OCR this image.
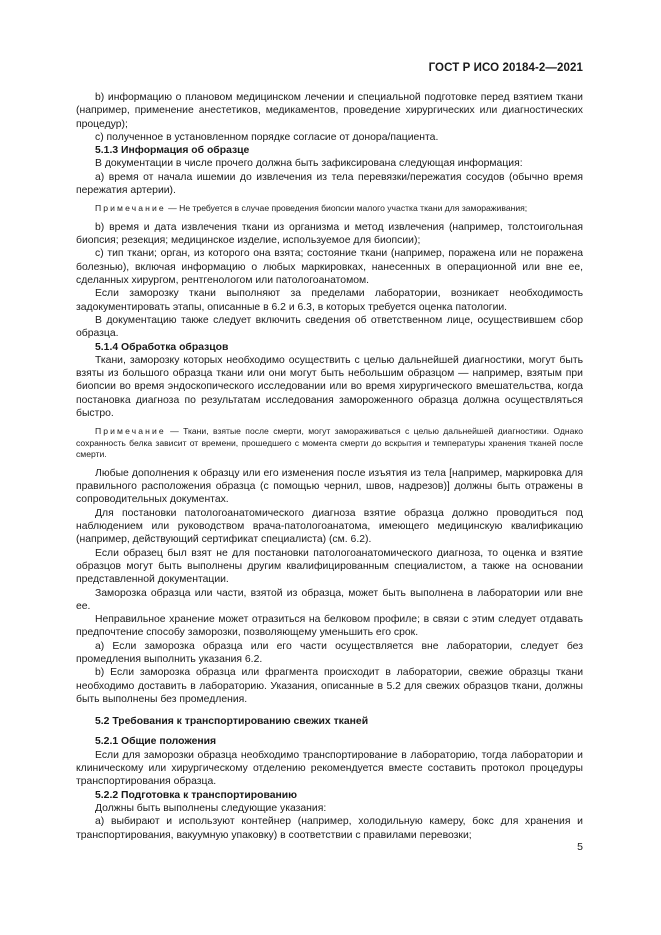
ГОСТ Р ИСО 20184-2—2021

b) информацию о плановом медицинском лечении и специальной подготовке перед взятием ткани (например, применение анестетиков, медикаментов, проведение хирургических или диагностических процедур);

c) полученное в установленном порядке согласие от донора/пациента.

5.1.3 Информация об образце

В документации в числе прочего должна быть зафиксирована следующая информация:

a) время от начала ишемии до извлечения из тела перевязки/пережатия сосудов (обычно время пережатия артерии).

Примечание — Не требуется в случае проведения биопсии малого участка ткани для замораживания;

b) время и дата извлечения ткани из организма и метод извлечения (например, толстоигольная биопсия; резекция; медицинское изделие, используемое для биопсии);

c) тип ткани; орган, из которого она взята; состояние ткани (например, поражена или не поражена болезнью), включая информацию о любых маркировках, нанесенных в операционной или вне ее, сделанных хирургом, рентгенологом или патологоанатомом.

Если заморозку ткани выполняют за пределами лаборатории, возникает необходимость задокументировать этапы, описанные в 6.2 и 6.3, в которых требуется оценка патологии.

В документацию также следует включить сведения об ответственном лице, осуществившем сбор образца.

5.1.4 Обработка образцов

Ткани, заморозку которых необходимо осуществить с целью дальнейшей диагностики, могут быть взяты из большого образца ткани или они могут быть небольшим образцом — например, взятым при биопсии во время эндоскопического исследовании или во время хирургического вмешательства, когда постановка диагноза по результатам исследования замороженного образца должна осуществляться быстро.

Примечание — Ткани, взятые после смерти, могут замораживаться с целью дальнейшей диагностики. Однако сохранность белка зависит от времени, прошедшего с момента смерти до вскрытия и температуры хранения тканей после смерти.

Любые дополнения к образцу или его изменения после изъятия из тела [например, маркировка для правильного расположения образца (с помощью чернил, швов, надрезов)] должны быть отражены в сопроводительных документах.

Для постановки патологоанатомического диагноза взятие образца должно проводиться под наблюдением или руководством врача-патологоанатома, имеющего медицинскую квалификацию (например, действующий сертификат специалиста) (см. 6.2).

Если образец был взят не для постановки патологоанатомического диагноза, то оценка и взятие образцов могут быть выполнены другим квалифицированным специалистом, а также на основании представленной документации.

Заморозка образца или части, взятой из образца, может быть выполнена в лаборатории или вне ее.

Неправильное хранение может отразиться на белковом профиле; в связи с этим следует отдавать предпочтение способу заморозки, позволяющему уменьшить его срок.

a) Если заморозка образца или его части осуществляется вне лаборатории, следует без промедления выполнить указания 6.2.

b) Если заморозка образца или фрагмента происходит в лаборатории, свежие образцы ткани необходимо доставить в лабораторию. Указания, описанные в 5.2 для свежих образцов ткани, должны быть выполнены без промедления.

5.2 Требования к транспортированию свежих тканей

5.2.1 Общие положения

Если для заморозки образца необходимо транспортирование в лабораторию, тогда лаборатории и клиническому или хирургическому отделению рекомендуется вместе составить протокол процедуры транспортирования образца.

5.2.2 Подготовка к транспортированию

Должны быть выполнены следующие указания:

a) выбирают и используют контейнер (например, холодильную камеру, бокс для хранения и транспортирования, вакуумную упаковку) в соответствии с правилами перевозки;

5
